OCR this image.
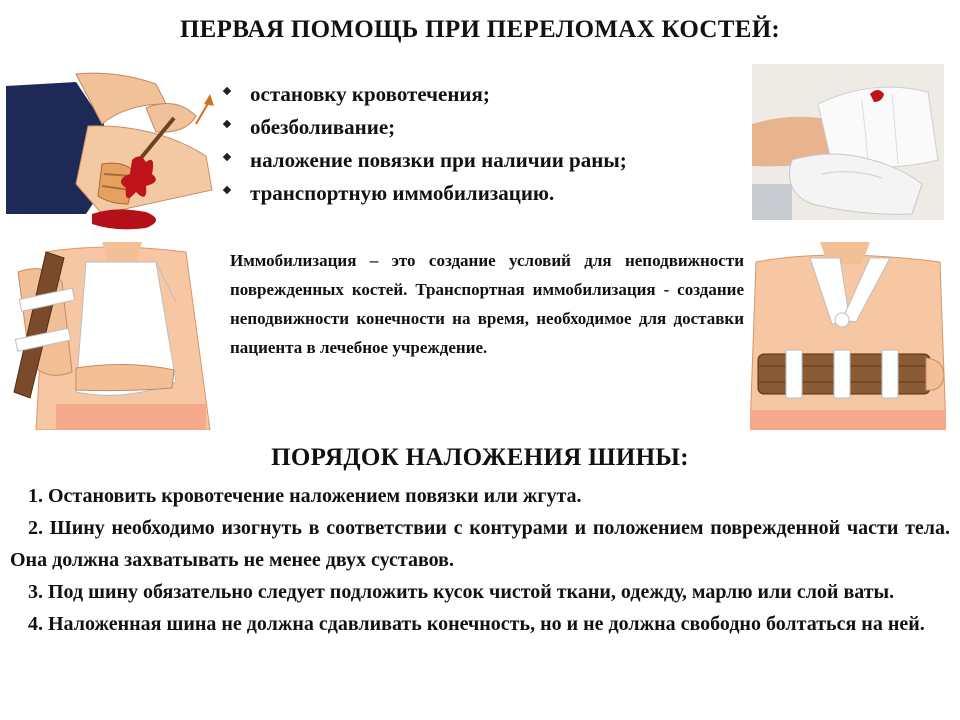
ПЕРВАЯ ПОМОЩЬ ПРИ ПЕРЕЛОМАХ КОСТЕЙ:
остановку кровотечения;
обезболивание;
наложение повязки при наличии раны;
транспортную иммобилизацию.
Иммобилизация – это создание условий для неподвижности поврежденных костей. Транспортная иммобилизация - создание неподвижности конечности на время, необходимое для доставки пациента в лечебное учреждение.
ПОРЯДОК НАЛОЖЕНИЯ ШИНЫ:

1. Остановить кровотечение наложением повязки или жгута.

2. Шину необходимо изогнуть в соответствии с контурами и положением поврежденной части тела. Она должна захватывать не менее двух суставов.

3. Под шину обязательно следует подложить кусок чистой ткани, одежду, марлю или слой ваты.

4. Наложенная шина не должна сдавливать конечность, но и не должна свободно болтаться на ней.
